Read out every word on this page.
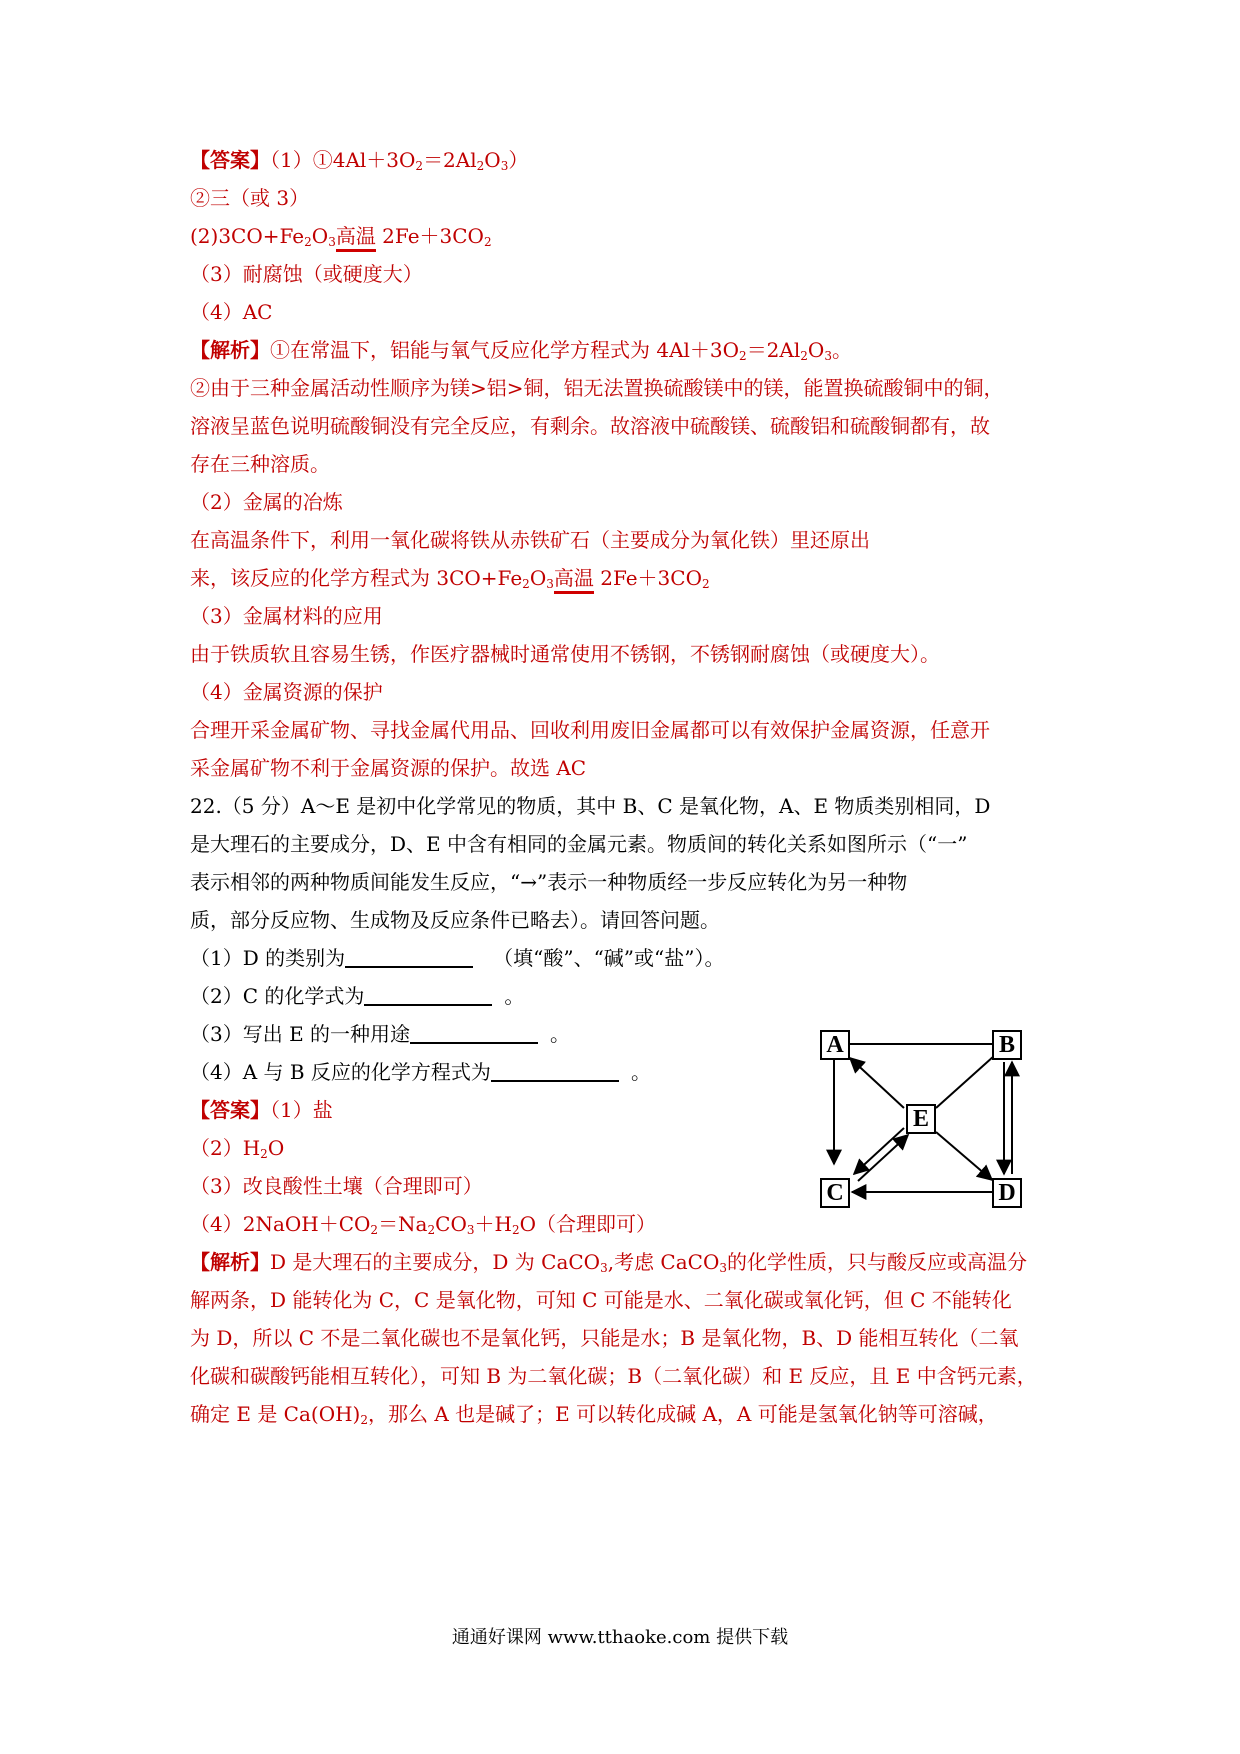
【答案】$(1)①4Al+3O_2=2Al_2O_3$）
②三（或 3）
$(2)3CO+Fe_2O_3$高温 $2Fe+3CO_2$
（3）耐腐蚀（或硬度大）
（4）AC
【解析】①在常温下，铝能与氧气反应化学方程式为 $4Al+3O_2=2Al_2O_3$。
②由于三种金属活动性顺序为镁>铝>铜，铝无法置换硫酸镁中的镁，能置换硫酸铜中的铜，
溶液呈蓝色说明硫酸铜没有完全反应，有剩余。故溶液中硫酸镁、硫酸铝和硫酸铜都有，故
存在三种溶质。
（2）金属的冶炼
在高温条件下，利用一氧化碳将铁从赤铁矿石（主要成分为氧化铁）里还原出
来，该反应的化学方程式为 $3CO+Fe_2O_3$高温 $2Fe+3CO_2$
（3）金属材料的应用
由于铁质软且容易生锈，作医疗器械时通常使用不锈钢，不锈钢耐腐蚀（或硬度大）。
（4）金属资源的保护
合理开采金属矿物、寻找金属代用品、回收利用废旧金属都可以有效保护金属资源，任意开
采金属矿物不利于金属资源的保护。故选 AC
22.（5 分）A～E 是初中化学常见的物质，其中 B、C 是氧化物，A、E 物质类别相同，D
是大理石的主要成分，D、E 中含有相同的金属元素。物质间的转化关系如图所示（“一”
表示相邻的两种物质间能发生反应，“→”表示一种物质经一步反应转化为另一种物
质，部分反应物、生成物及反应条件已略去）。请回答问题。
（1）D 的类别为	（填“酸”、“碱”或“盐”）。
（2）C 的化学式为	。
（3）写出 E 的一种用途	。
（4）A 与 B 反应的化学方程式为	。
【答案】（1）盐
$(2)H_2O$
（3）改良酸性土壤（合理即可）
$(4)2NaOH+CO_2=Na_2CO_3+H_2O$（合理即可）
【解析】D 是大理石的主要成分，D 为 CaCO$_3$,考虑 CaCO$_3$的化学性质，只与酸反应或高温分
解两条，D 能转化为 C，C 是氧化物，可知 C 可能是水、二氧化碳或氧化钙，但 C 不能转化
为 D，所以 C 不是二氧化碳也不是氧化钙，只能是水；B 是氧化物，B、D 能相互转化（二氧
化碳和碳酸钙能相互转化），可知 B 为二氧化碳；B（二氧化碳）和 E 反应，且 E 中含钙元素，
确定 E 是 $Ca(OH)_2$，那么 A 也是碱了；E 可以转化成碱 A，A 可能是氢氧化钠等可溶碱，
A	B
C	D
E
通通好课网 www.tthaoke.com 提供下载
